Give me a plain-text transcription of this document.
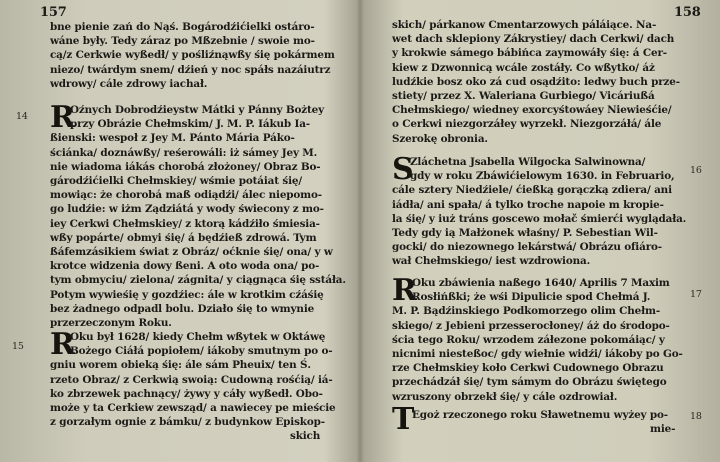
157
bne pienie zań do Nąś. Bogárodźićielki ostáro-
wáne były. Tedy záraz po Mßzebnie / swoie mo-
cą/z Cerkwie wyßedł/ y pośliźnąwßy śię pokármem
niezo/ twárdym snem/ dźień y noc spáłs nazáiutrz
wdrowy/ cále zdrowy iachał.
14 R
Oźnych Dobrodźieystw Mátki y Pánny Bożtey
przy Obrázie Chełmskim/ J. M. P. Iákub Ia-
ßienski: wespoł z Jey M. Pánto Mária Páko-
ściánka/ doznáwßy/ reśerowáli: iż sámey Jey M.
nie wiadoma iákás chorobá złożoney/ Obraz Bo-
gárodźićielki Chełmskiey/ wśmie potáiat śię/
mowiąc: że chorobá maß odiądźi/ álec niepomo-
go ludźie: w iżm Ządziátá y wody świecony z mo-
iey Cerkwi Chełmskiey/ z ktorą kádźiło śmiesia-
wßy popárte/ obmyi śię/ á będźieß zdrowá. Tym
ßáfemzásikiem świat z Obráz/ oćknie śię/ ona/ y w
krotce widzenia dowy ßeni. A oto woda ona/ po-
tym obmyciu/ zielona/ zágnita/ y ciągnąca śię sstáła.
Potym wywieśię y gozdźiec: ále w krotkim cźáśię
bez żadnego odpadl bolu. Działo śię to wmynie
przerzeczonym Roku.
15 R
Oku był 1628/ kiedy Chełm wßytek w Oktáwę
Bożego Ciáłá popiołem/ iákoby smutnym po o-
gniu worem obieką śię: ále sám Pheuix/ ten Ś.
rzeto Obraz/ z Cerkwią swoią: Cudowną rośćią/ iá-
ko zbrzewek pachnący/ żywy y cáły wyßedł. Obo-
może y ta Cerkiew zewsząd/ a nawiecey pe mieście
z gorzałym ognie z bámku/ z budynkow Episkop-
skich
158
skich/ párkanow Cmentarzowych páláiące. Na-
wet dach sklepiony Zákrystiey/ dach Cerkwi/ dach
y krokwie sámego bábińca zaymowáły śię: á Cer-
kiew z Dzwonnicą wcále zostáły. Co wßytko/ áż
ludźkie bosz oko zá cud osądźito: ledwy buch prze-
stiety/ przez X. Waleriana Gurbiego/ Vicáriußá
Chełmskiego/ wiedney exorcyśtowáey Niewieśćie/
o Cerkwi niezgorzáłey wyrzekł. Niezgorzáłá/ ále
Szerokę obronia.
16
S
Zláchetna Jsabella Wilgocka Salwinowna/
gdy w roku Zbáwićielowym 1630. in Februario,
cále sztery Niedźiele/ ćießką gorączką zdiera/ ani
iádła/ ani spała/ á tylko troche napoie m kropie-
la śię/ y iuż tráns goscewo mołač śmierći wyglądała.
Tedy gdy ią Małżonek właśny/ P. Sebestian Wil-
gocki/ do niezownego lekárstwá/ Obrázu ofiáro-
wał Chełmskiego/ iest wzdrowiona.
17
R
Oku zbáwienia naßego 1640/ Aprilis 7 Maxim
Rosłińßki; że wśi Dipulicie spod Chełmá J.
M. P. Bądźinskiego Podkomorzego olim Chełm-
skiego/ z Jebieni przesserocłoney/ áż do środopo-
ścia tego Roku/ wrzodem záłezone pokomáiąc/ y
nicnimi niesteßoc/ gdy wiełnie widźi/ iákoby po Go-
rze Chełmskiey koło Cerkwi Cudownego Obrazu
przechádzáł śię/ tym sámym do Obrázu świętego
wzruszony obrzekł śię/ y cále ozdrowiał.
18
T
Egoż rzeczonego roku Sławetnemu wyżey po-
mie-
